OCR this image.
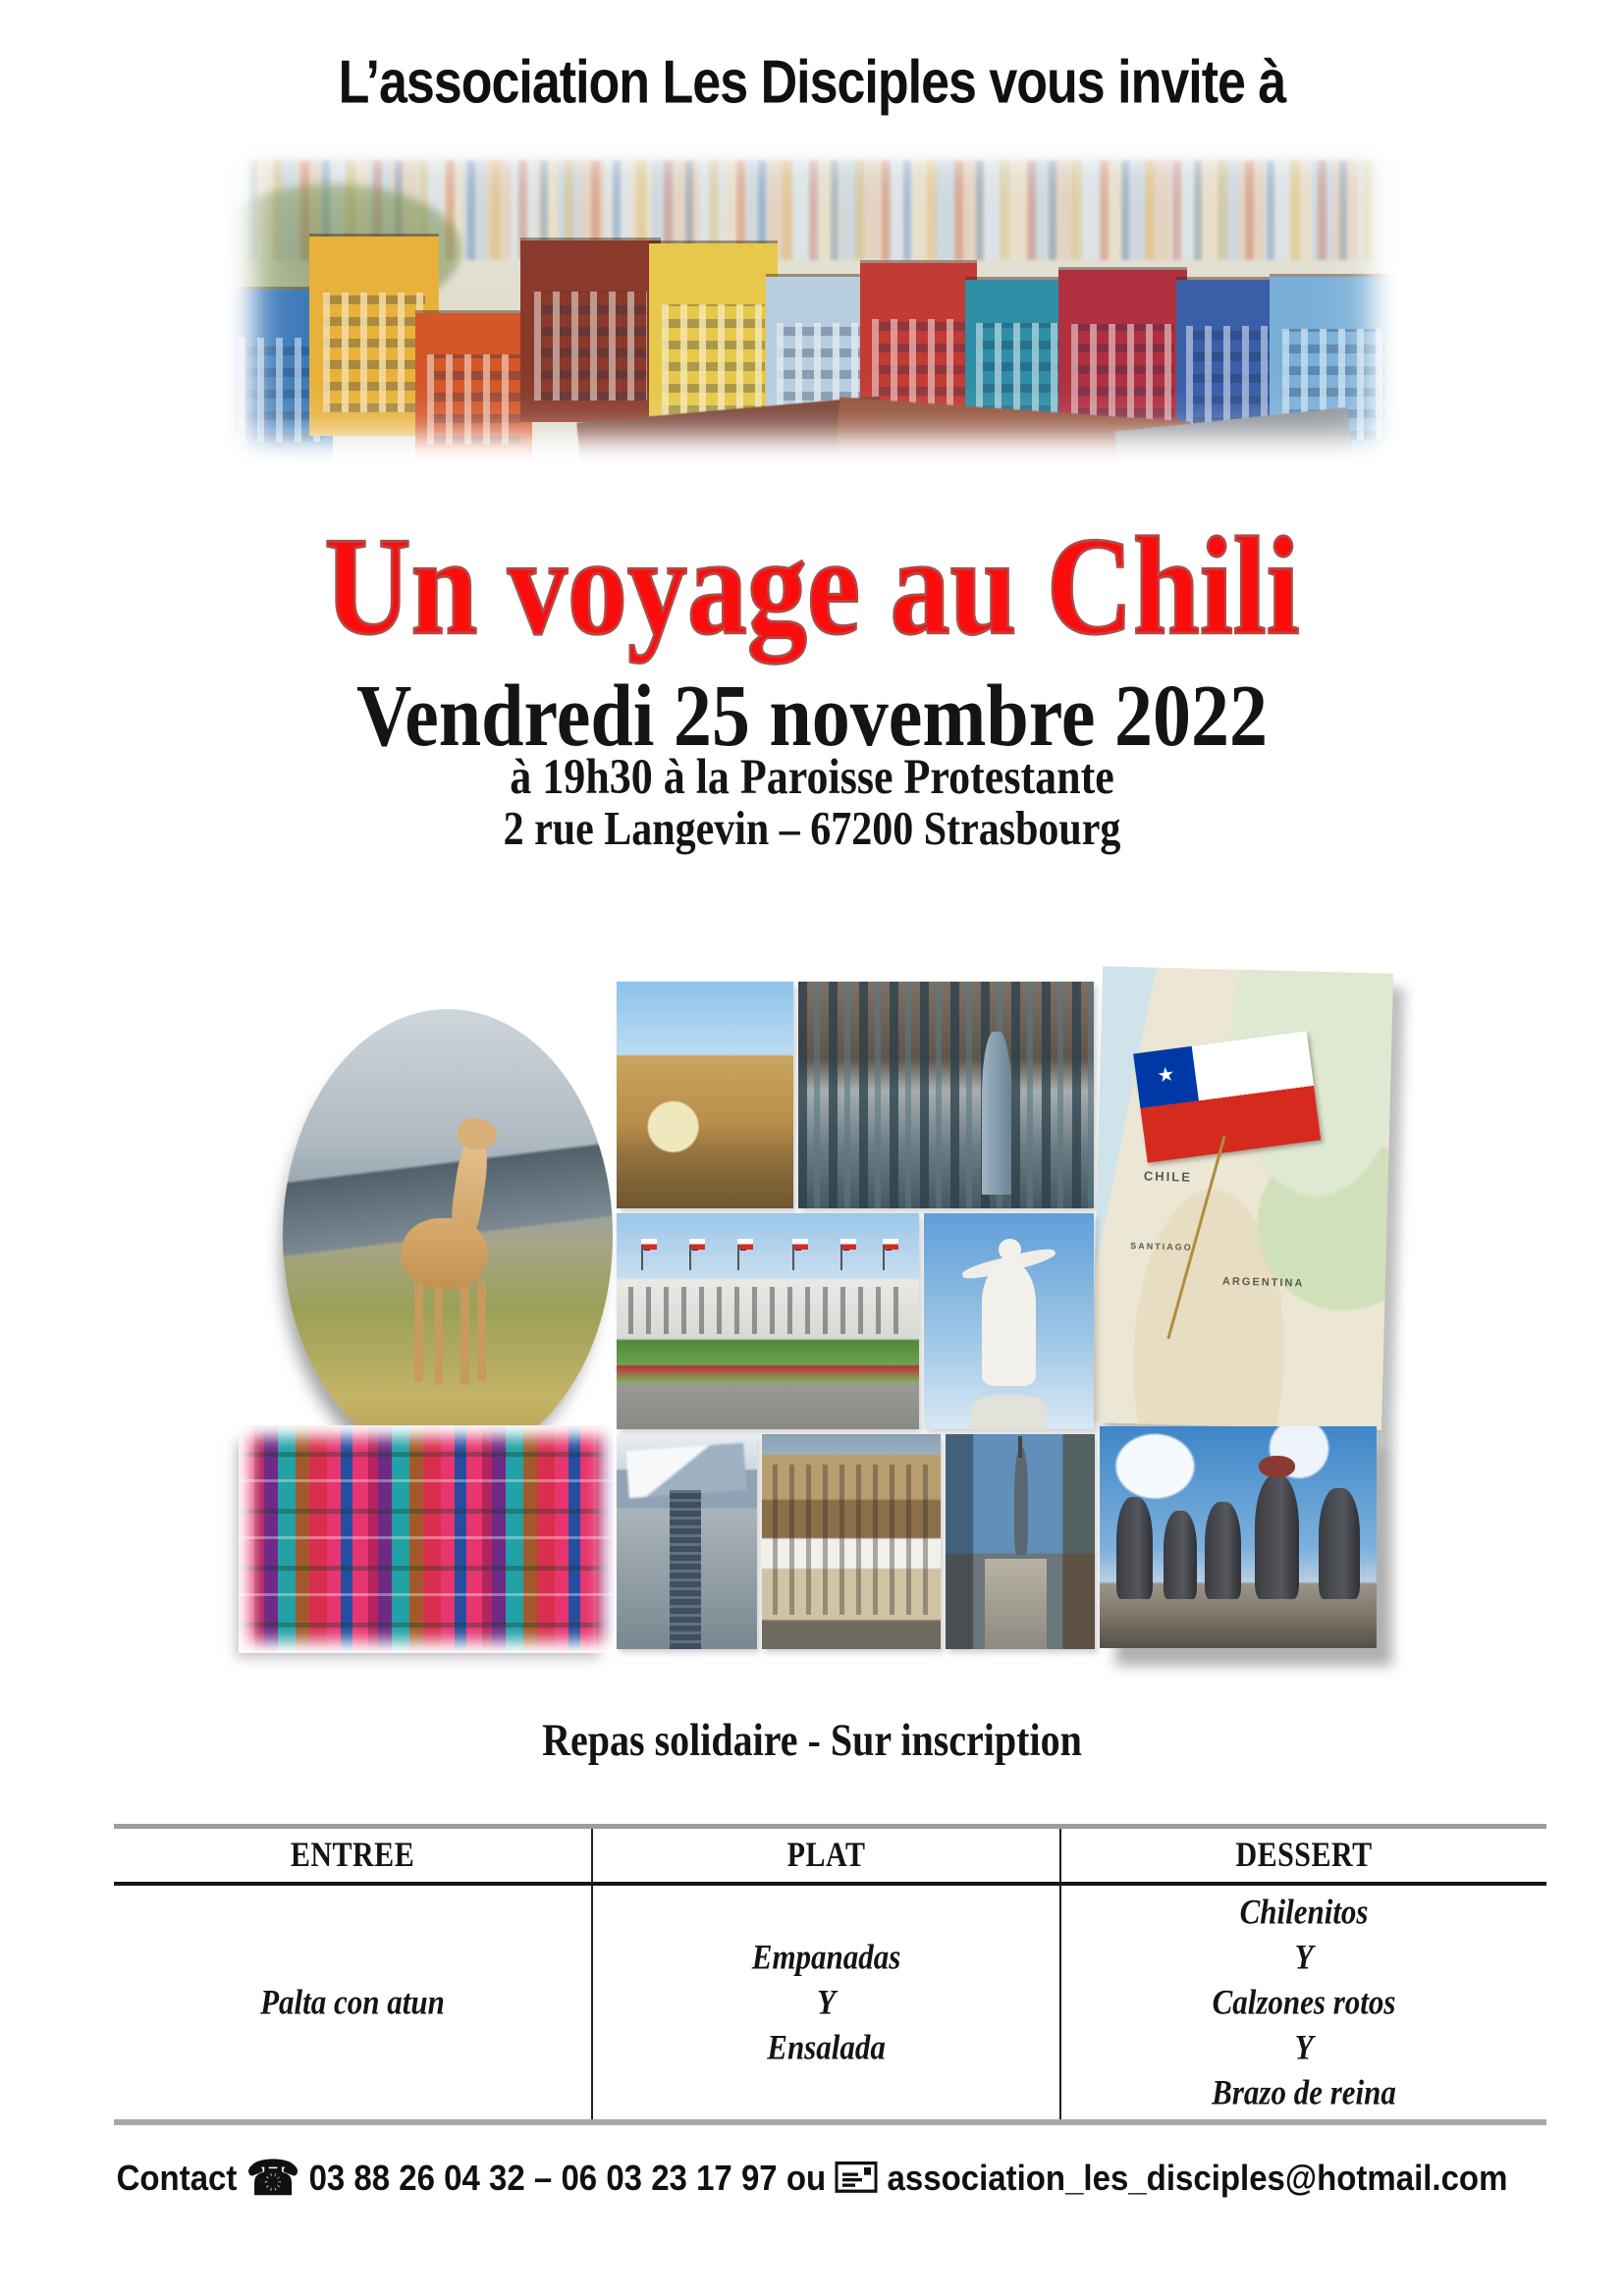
L’association Les Disciples vous invite à
Un voyage au Chili
Vendredi 25 novembre 2022
à 19h30 à la Paroisse Protestante
2 rue Langevin – 67200 Strasbourg
★
CHILE
SANTIAGO
ARGENTINA
Repas solidaire - Sur inscription
ENTREE	PLAT	DESSERT
Palta con atun
Empanadas
Y
Ensalada
Chilenitos
Y
Calzones rotos
Y
Brazo de reina
Contact ☎ 03 88 26 04 32 – 06 03 23 17 97 ou association_les_disciples@hotmail.com
